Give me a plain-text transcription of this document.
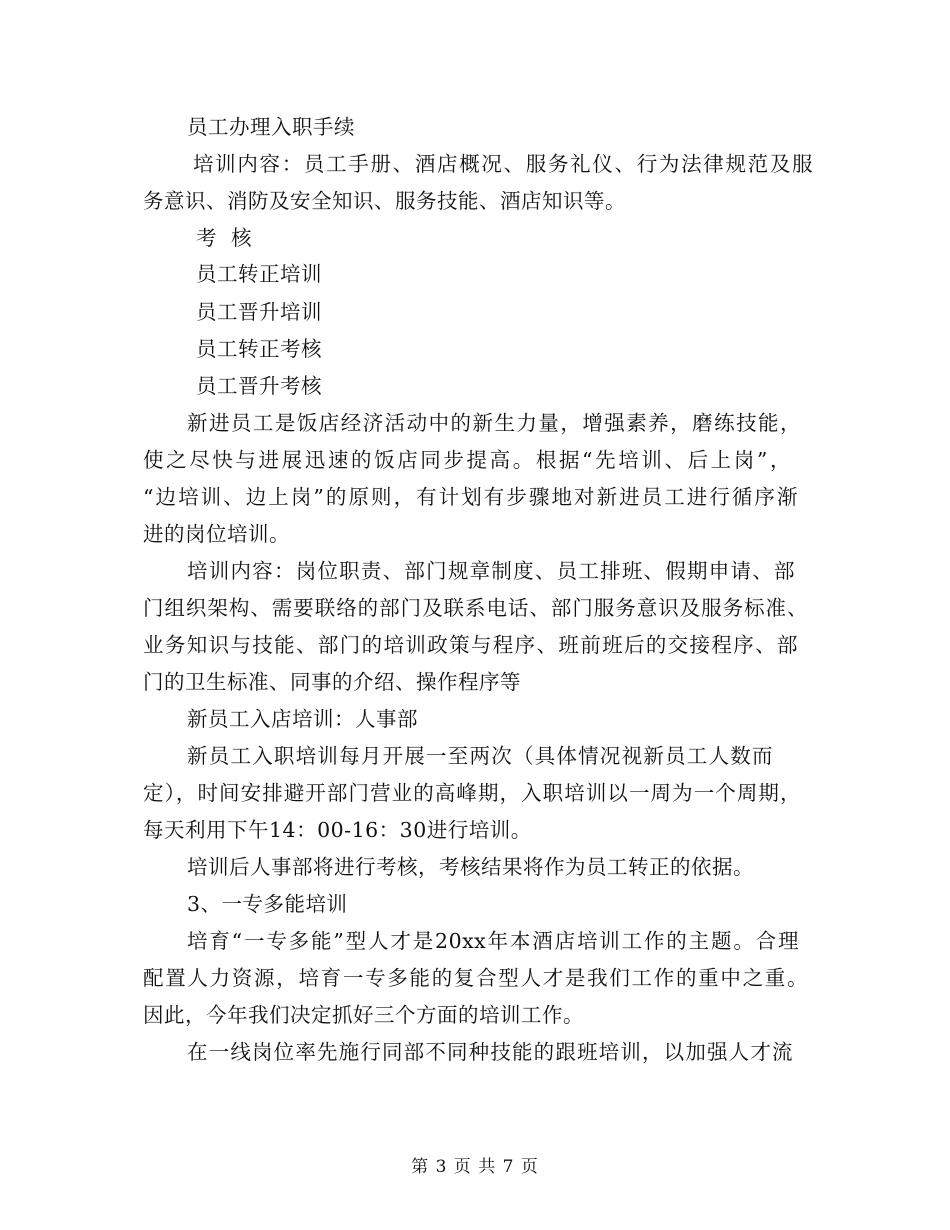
员工办理入职手续
培训内容：员工手册、酒店概况、服务礼仪、行为法律规范及服
务意识、消防及安全知识、服务技能、酒店知识等。
考  核
员工转正培训
员工晋升培训
员工转正考核
员工晋升考核
新进员工是饭店经济活动中的新生力量，增强素养，磨练技能，
使之尽快与进展迅速的饭店同步提高。根据“先培训、后上岗”，
“边培训、边上岗”的原则，有计划有步骤地对新进员工进行循序渐
进的岗位培训。
培训内容：岗位职责、部门规章制度、员工排班、假期申请、部
门组织架构、需要联络的部门及联系电话、部门服务意识及服务标准、
业务知识与技能、部门的培训政策与程序、班前班后的交接程序、部
门的卫生标准、同事的介绍、操作程序等
新员工入店培训：人事部
新员工入职培训每月开展一至两次（具体情况视新员工人数而
定），时间安排避开部门营业的高峰期，入职培训以一周为一个周期，
每天利用下午14：00-16：30进行培训。
培训后人事部将进行考核，考核结果将作为员工转正的依据。
3、一专多能培训
培育“一专多能”型人才是20xx年本酒店培训工作的主题。合理
配置人力资源，培育一专多能的复合型人才是我们工作的重中之重。
因此，今年我们决定抓好三个方面的培训工作。
在一线岗位率先施行同部不同种技能的跟班培训，以加强人才流
第 3 页 共 7 页
